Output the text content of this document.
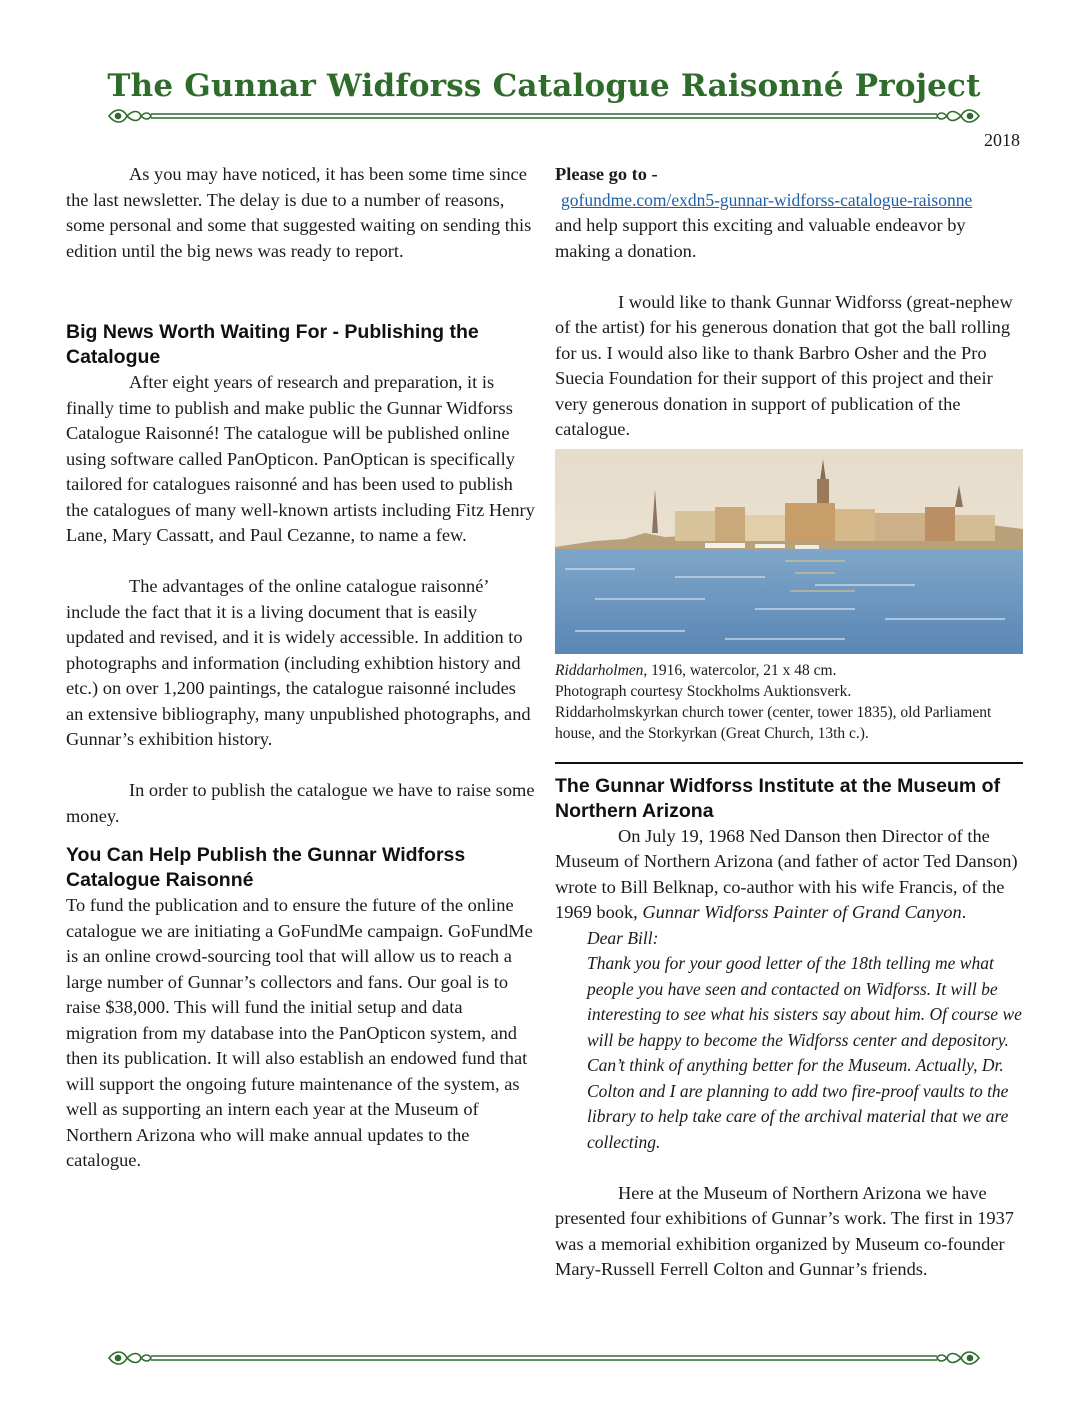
The Gunnar Widforss Catalogue Raisonné Project
2018

As you may have noticed, it has been some time since the last newsletter. The delay is due to a number of reasons, some personal and some that suggested waiting on sending this edition until the big news was ready to report.

Big News Worth Waiting For - Publishing the Catalogue

After eight years of research and preparation, it is finally time to publish and make public the Gunnar Widforss Catalogue Raisonné! The catalogue will be published online using software called PanOpticon. PanOptican is specifically tailored for catalogues raisonné and has been used to publish the catalogues of many well-known artists including Fitz Henry Lane, Mary Cassatt, and Paul Cezanne, to name a few.

The advantages of the online catalogue raisonné’ include the fact that it is a living document that is easily updated and revised, and it is widely accessible. In addition to photographs and information (including exhibtion history and etc.) on over 1,200 paintings, the catalogue raisonné includes an extensive bibliography, many unpublished photographs, and Gunnar’s exhibition history.

In order to publish the catalogue we have to raise some money.

You Can Help Publish the Gunnar Widforss Catalogue Raisonné

To fund the publication and to ensure the future of the online catalogue we are initiating a GoFundMe campaign. GoFundMe is an online crowd-sourcing tool that will allow us to reach a large number of Gunnar’s collectors and fans. Our goal is to raise $38,000. This will fund the initial setup and data migration from my database into the PanOpticon system, and then its publication. It will also establish an endowed fund that will support the ongoing future maintenance of the system, as well as supporting an intern each year at the Museum of Northern Arizona who will make annual updates to the catalogue.

Please go to -

gofundme.com/exdn5-gunnar-widforss-catalogue-raisonne

and help support this exciting and valuable endeavor by making a donation.

I would like to thank Gunnar Widforss (great-nephew of the artist) for his generous donation that got the ball rolling for us. I would also like to thank Barbro Osher and the Pro Suecia Foundation for their support of this project and their very generous donation in support of publication of the catalogue.

Riddarholmen, 1916, watercolor, 21 x 48 cm.

Photograph courtesy Stockholms Auktionsverk.

Riddarholmskyrkan church tower (center, tower 1835), old Parliament house, and the Storkyrkan (Great Church, 13th c.).

The Gunnar Widforss Institute at the Museum of Northern Arizona

On July 19, 1968 Ned Danson then Director of the Museum of Northern Arizona (and father of actor Ted Danson) wrote to Bill Belknap, co-author with his wife Francis, of the 1969 book, Gunnar Widforss Painter of Grand Canyon.

Dear Bill:

Thank you for your good letter of the 18th telling me what people you have seen and contacted on Widforss. It will be interesting to see what his sisters say about him. Of course we will be happy to become the Widforss center and depository. Can’t think of anything better for the Museum. Actually, Dr. Colton and I are planning to add two fire-proof vaults to the library to help take care of the archival material that we are collecting.

Here at the Museum of Northern Arizona we have presented four exhibitions of Gunnar’s work. The first in 1937 was a memorial exhibition organized by Museum co-founder Mary-Russell Ferrell Colton and Gunnar’s friends.
